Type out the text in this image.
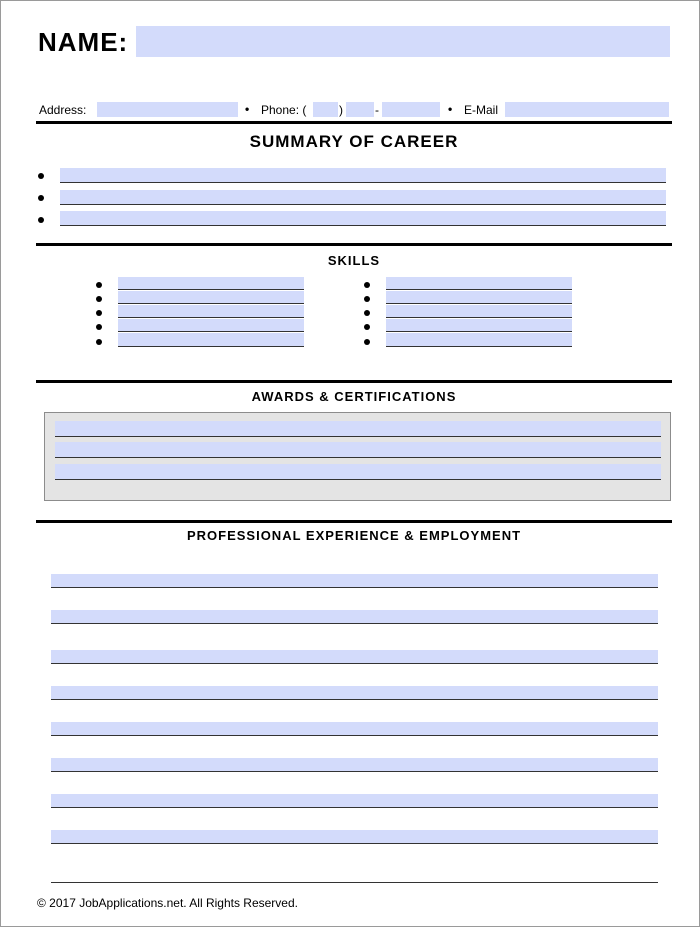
NAME:
Address:	• Phone: (	)	-	• E-Mail
SUMMARY OF CAREER
SKILLS
AWARDS & CERTIFICATIONS
PROFESSIONAL EXPERIENCE & EMPLOYMENT
© 2017 JobApplications.net. All Rights Reserved.
